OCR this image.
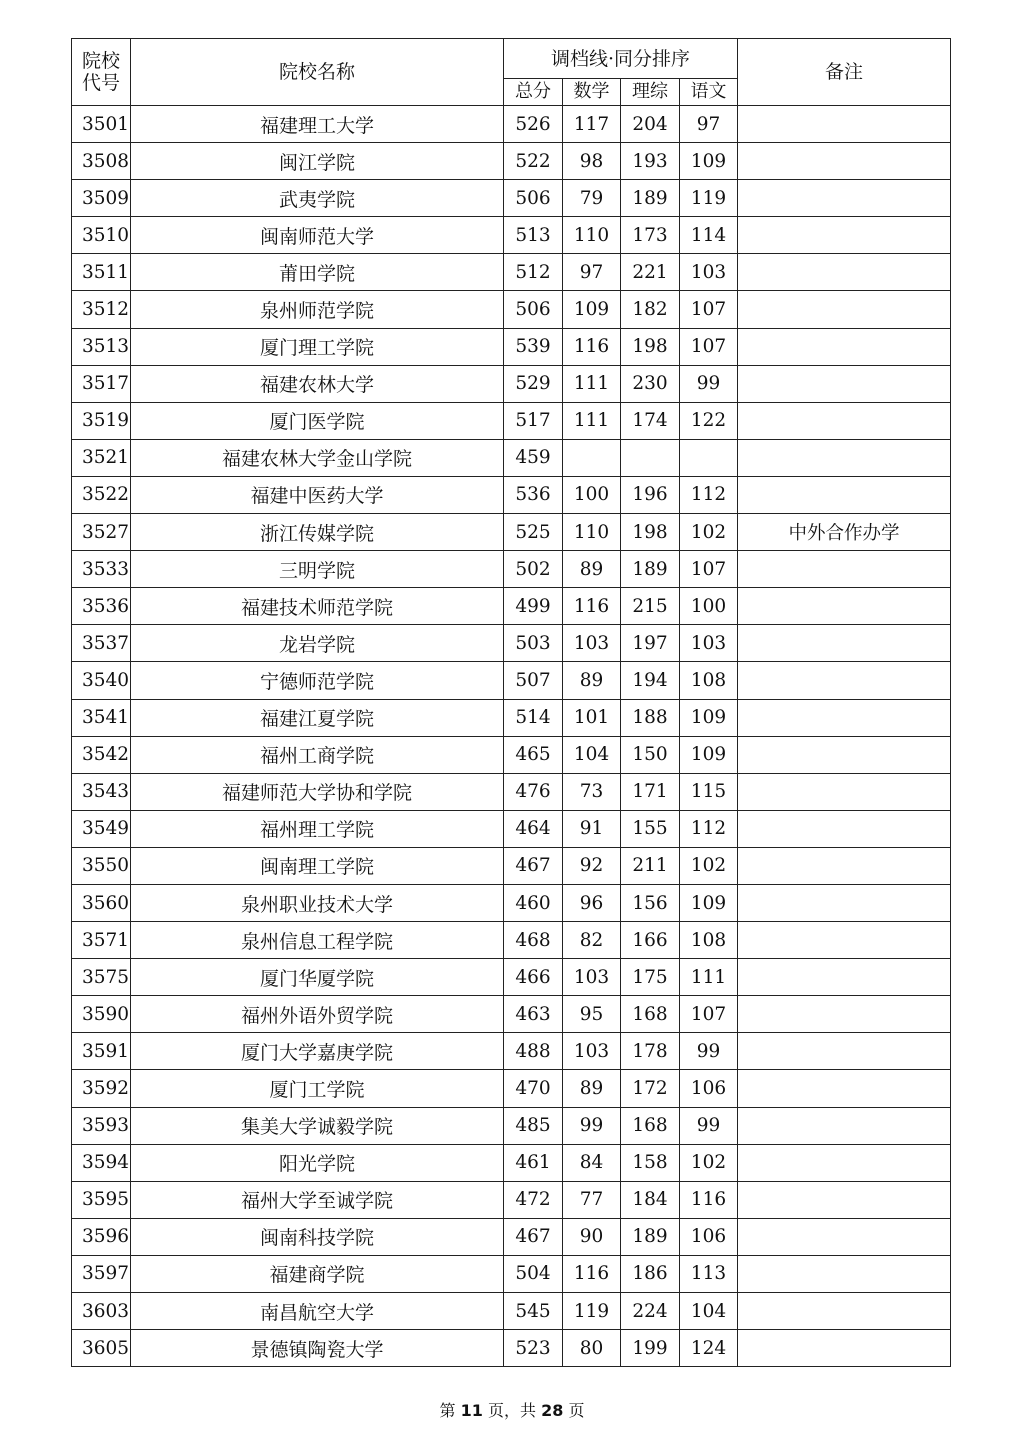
院校
代号	院校名称	调档线·同分排序				备注
		总分	数学	理综	语文	
3501	福建理工大学	526	117	204	97	
3508	闽江学院	522	98	193	109	
3509	武夷学院	506	79	189	119	
3510	闽南师范大学	513	110	173	114	
3511	莆田学院	512	97	221	103	
3512	泉州师范学院	506	109	182	107	
3513	厦门理工学院	539	116	198	107	
3517	福建农林大学	529	111	230	99	
3519	厦门医学院	517	111	174	122	
3521	福建农林大学金山学院	459				
3522	福建中医药大学	536	100	196	112	
3527	浙江传媒学院	525	110	198	102	中外合作办学
3533	三明学院	502	89	189	107	
3536	福建技术师范学院	499	116	215	100	
3537	龙岩学院	503	103	197	103	
3540	宁德师范学院	507	89	194	108	
3541	福建江夏学院	514	101	188	109	
3542	福州工商学院	465	104	150	109	
3543	福建师范大学协和学院	476	73	171	115	
3549	福州理工学院	464	91	155	112	
3550	闽南理工学院	467	92	211	102	
3560	泉州职业技术大学	460	96	156	109	
3571	泉州信息工程学院	468	82	166	108	
3575	厦门华厦学院	466	103	175	111	
3590	福州外语外贸学院	463	95	168	107	
3591	厦门大学嘉庚学院	488	103	178	99	
3592	厦门工学院	470	89	172	106	
3593	集美大学诚毅学院	485	99	168	99	
3594	阳光学院	461	84	158	102	
3595	福州大学至诚学院	472	77	184	116	
3596	闽南科技学院	467	90	189	106	
3597	福建商学院	504	116	186	113	
3603	南昌航空大学	545	119	224	104	
3605	景德镇陶瓷大学	523	80	199	124	
第 11 页，共 28 页
